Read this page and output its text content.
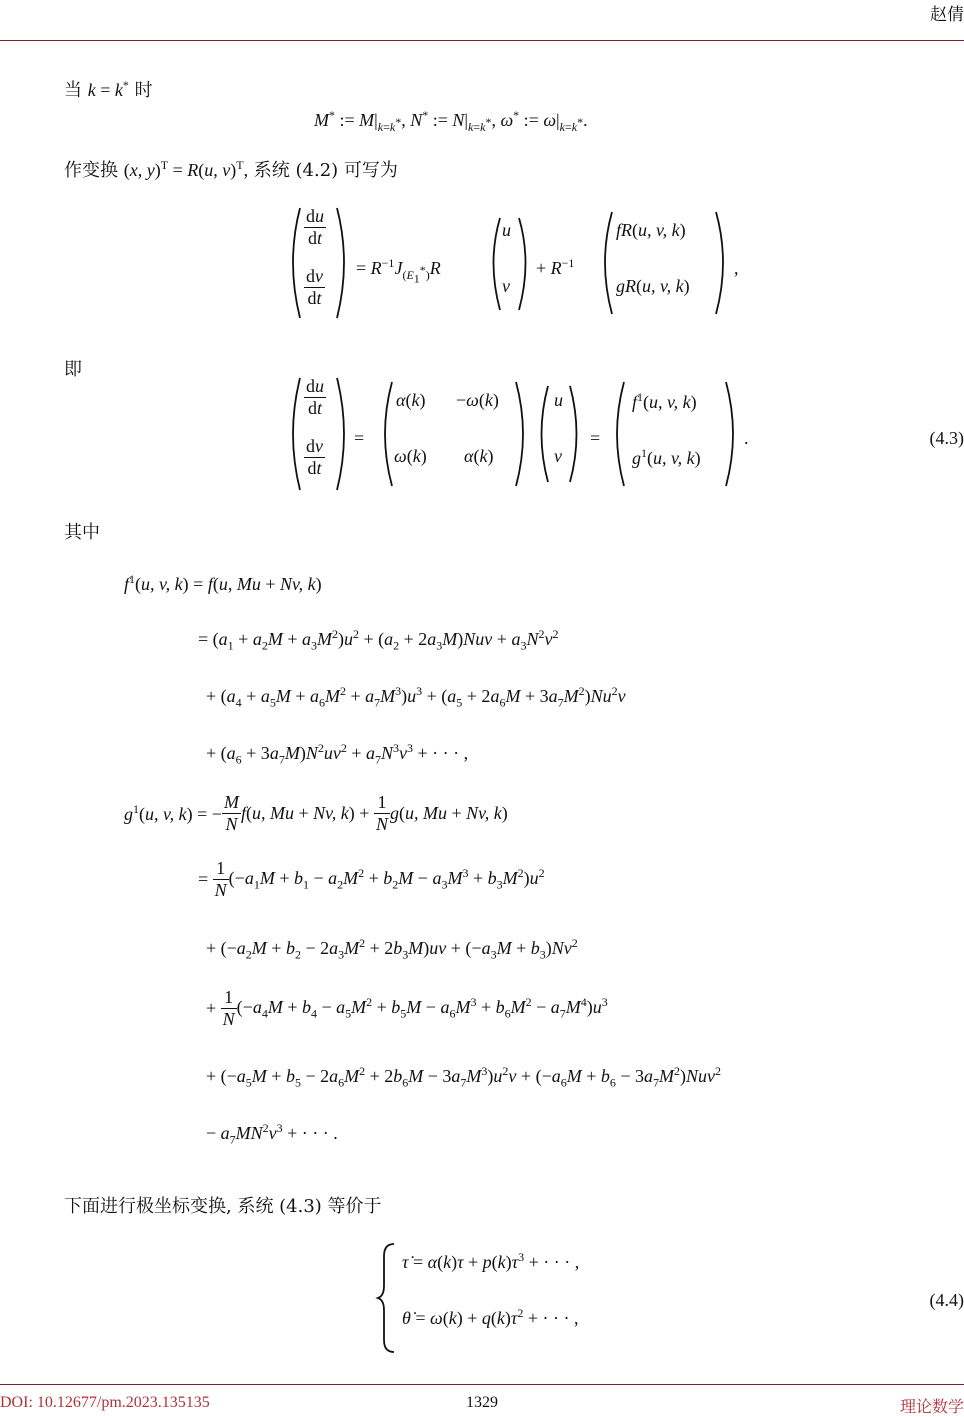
赵倩
当 k = k* 时
M* := $M|_{k=k^*}$, N* := $N|_{k=k^*}$, ω* := $\omega|_{k=k^*}$.
作变换 (x, y)$^T$ = R(u, v)$^T$, 系统 (4.2) 可写为
$\frac{du}{dt}$
$\frac{dv}{dt} = R^{-1}J_{(E_1^*)}R$
u
v
+ $R^{-1}$
fR(u, v, k)
gR(u, v, k)
,
即
$\frac{du}{dt}$
$\frac{dv}{dt}$ =
α(k) −ω(k)
ω(k) α(k)
u
v
=
$f^1(u$, v, k)
$g^1(u$, v, k)
.	(4.3)
其中
$f^1(u$, v, k) = f(u, Mu + Nv, k)
= $(a_1 + a_2M + a_3M^2)u^2 + (a_2 + 2a_3M)Nuv + a_3N^2v^2$
+ $(a_4 + a_5M + a_6M^2 + a_7M^3)u^3 + (a_5 + 2a_6M + 3a_7M^2)Nu^2v$
+ $(a_6 + 3a_7M)N^2uv^2 + a_7N^3v^3$ + · · · ,
$g^1(u$, v, k) = − $\frac{M}{N} f(u$, Mu + Nv, $k) + \frac{1}{N} g(u$, Mu + Nv, k)
= $\frac{1}{N} (-a_1M + b_1 - a_2M^2 + b_2M - a_3M^3 + b_3M^2)u^2$
+ $(-a_2M + b_2 - 2a_3M^2 + 2b_3M)uv + (-a_3M + b_3)Nv^2$
+ $\frac{1}{N} (-a_4M + b_4 - a_5M^2 + b_5M - a_6M^3 + b_6M^2 - a_7M^4)u^3$
+ $(-a_5M + b_5 - 2a_6M^2 + 2b_6M - 3a_7M^3)u^2v + (-a_6M + b_6 - 3a_7M^2)Nuv^2$
− $a_7MN^2v^3$ + · · · .
下面进行极坐标变换, 系统 (4.3) 等价于
τ̇ = $\alpha(k)\tau + p(k)\tau^3$ + · · · ,
θ̇ = $\omega(k) + q(k)\tau^2$ + · · · ,
(4.4)
DOI: 10.12677/pm.2023.135135	1329	理论数学
